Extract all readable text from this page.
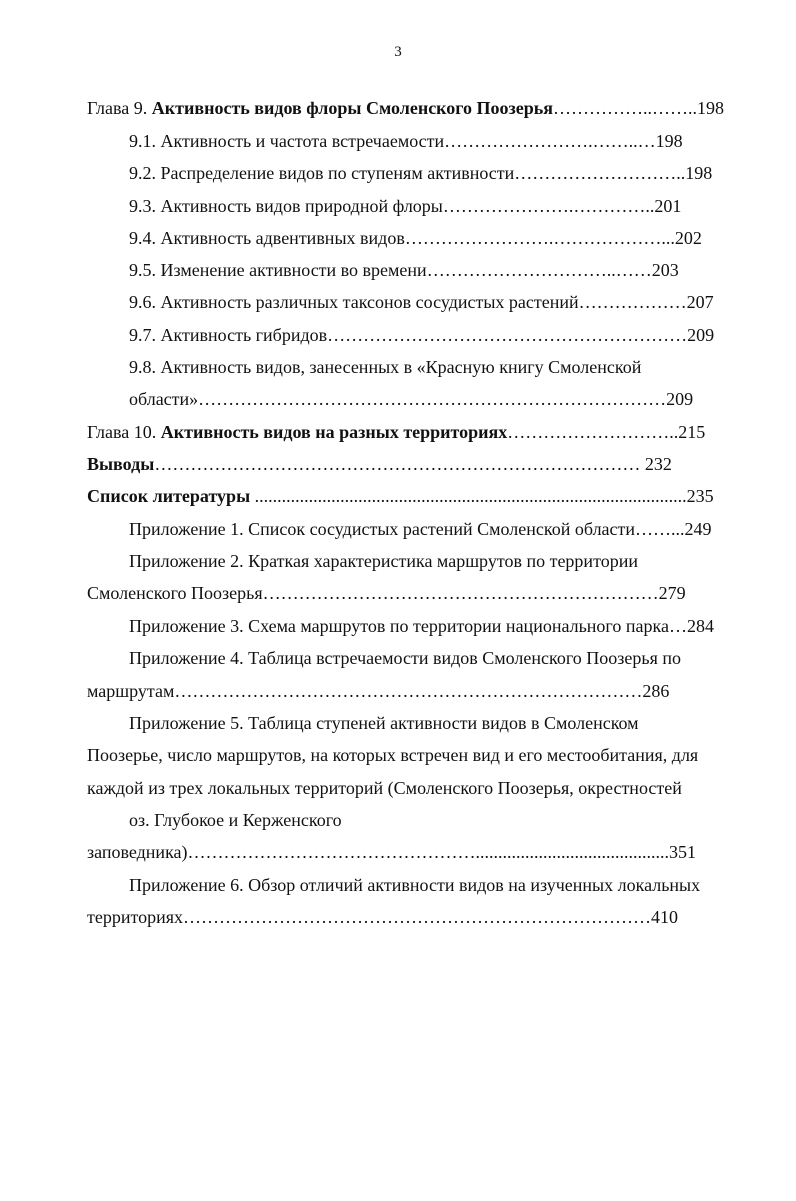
3
Глава 9. Активность видов флоры Смоленского Поозерья……………..……..198
9.1. Активность и частота встречаемости…………………….……..…198
9.2. Распределение видов по ступеням активности………………………..198
9.3. Активность видов природной флоры………………….…………..201
9.4. Активность адвентивных видов…………………….………………...202
9.5. Изменение активности во времени…………………………..……203
9.6. Активность различных таксонов сосудистых растений………………207
9.7. Активность гибридов……………………………………………………209
9.8. Активность видов, занесенных в «Красную книгу Смоленской
области»……………………………………………………………………209
Глава 10. Активность видов на разных территориях………………………..215
Выводы……………………………………………………………………… 232
Список литературы ................................................................................................235
Приложение 1. Список сосудистых растений Смоленской области……...249
Приложение 2. Краткая характеристика маршрутов по территории
Смоленского Поозерья…………………………………………………………279
Приложение 3. Схема маршрутов по территории национального парка…284
Приложение 4. Таблица встречаемости видов Смоленского Поозерья по
маршрутам……………………………………………………………………286
Приложение 5. Таблица ступеней активности видов в Смоленском
Поозерье, число маршрутов, на которых встречен вид и его местообитания, для
каждой из трех локальных территорий (Смоленского Поозерья, окрестностей
оз. Глубокое и Керженского
заповедника)…………………………………………...........................................351
Приложение 6. Обзор отличий активности видов на изученных локальных
территориях……………………………………………………………………410
